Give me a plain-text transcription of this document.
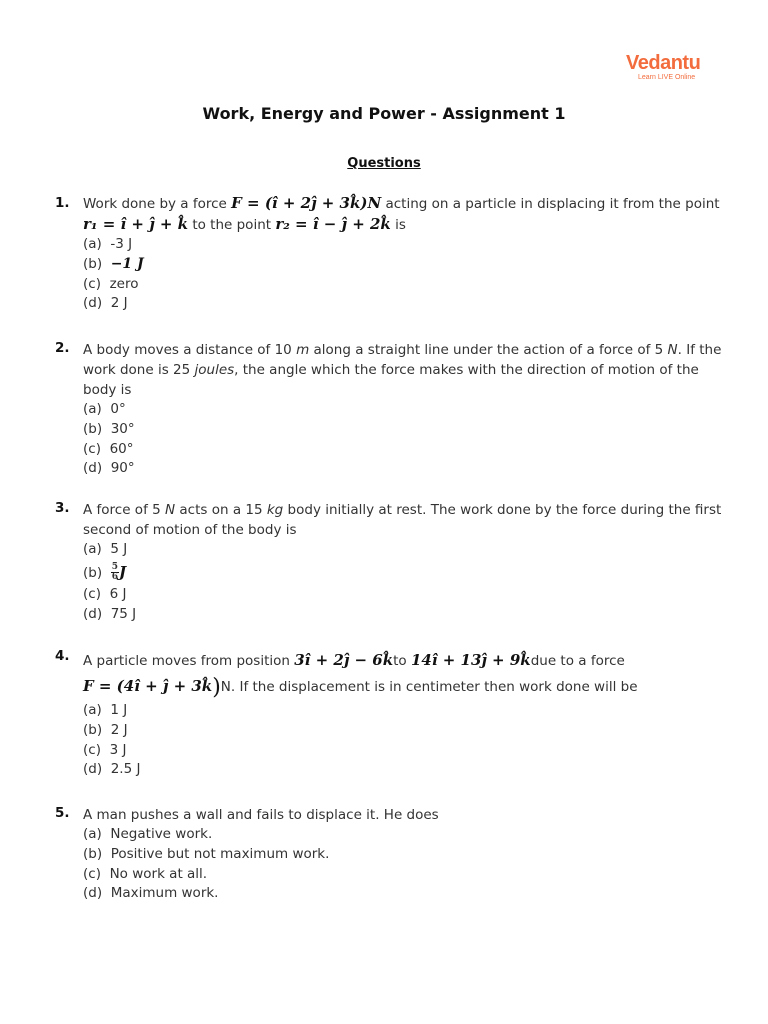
Vedantu
Learn LIVE Online
Work, Energy and Power - Assignment 1
Questions
1. Work done by a force F = (î + 2ĵ + 3k̂)N acting on a particle in displacing it from the point r₁ = î + ĵ + k̂ to the point r₂ = î − ĵ + 2k̂ is
(a) -3 J
(b) −1 J
(c) zero
(d) 2 J
2. A body moves a distance of 10 m along a straight line under the action of a force of 5 N. If the work done is 25 joules, the angle which the force makes with the direction of motion of the body is
(a) 0°
(b) 30°
(c) 60°
(d) 90°
3. A force of 5 N acts on a 15 kg body initially at rest. The work done by the force during the first second of motion of the body is
(a) 5 J
$(b) \frac{5}{6}$ J
(c) 6 J
(d) 75 J
4. A particle moves from position 3î + 2ĵ − 6k̂to 14î + 13ĵ + 9k̂due to a force
F = (4î + ĵ + 3k̂)N. If the displacement is in centimeter then work done will be
(a) 1 J
(b) 2 J
(c) 3 J
(d) 2.5 J
5. A man pushes a wall and fails to displace it. He does
(a) Negative work.
(b) Positive but not maximum work.
(c) No work at all.
(d) Maximum work.
